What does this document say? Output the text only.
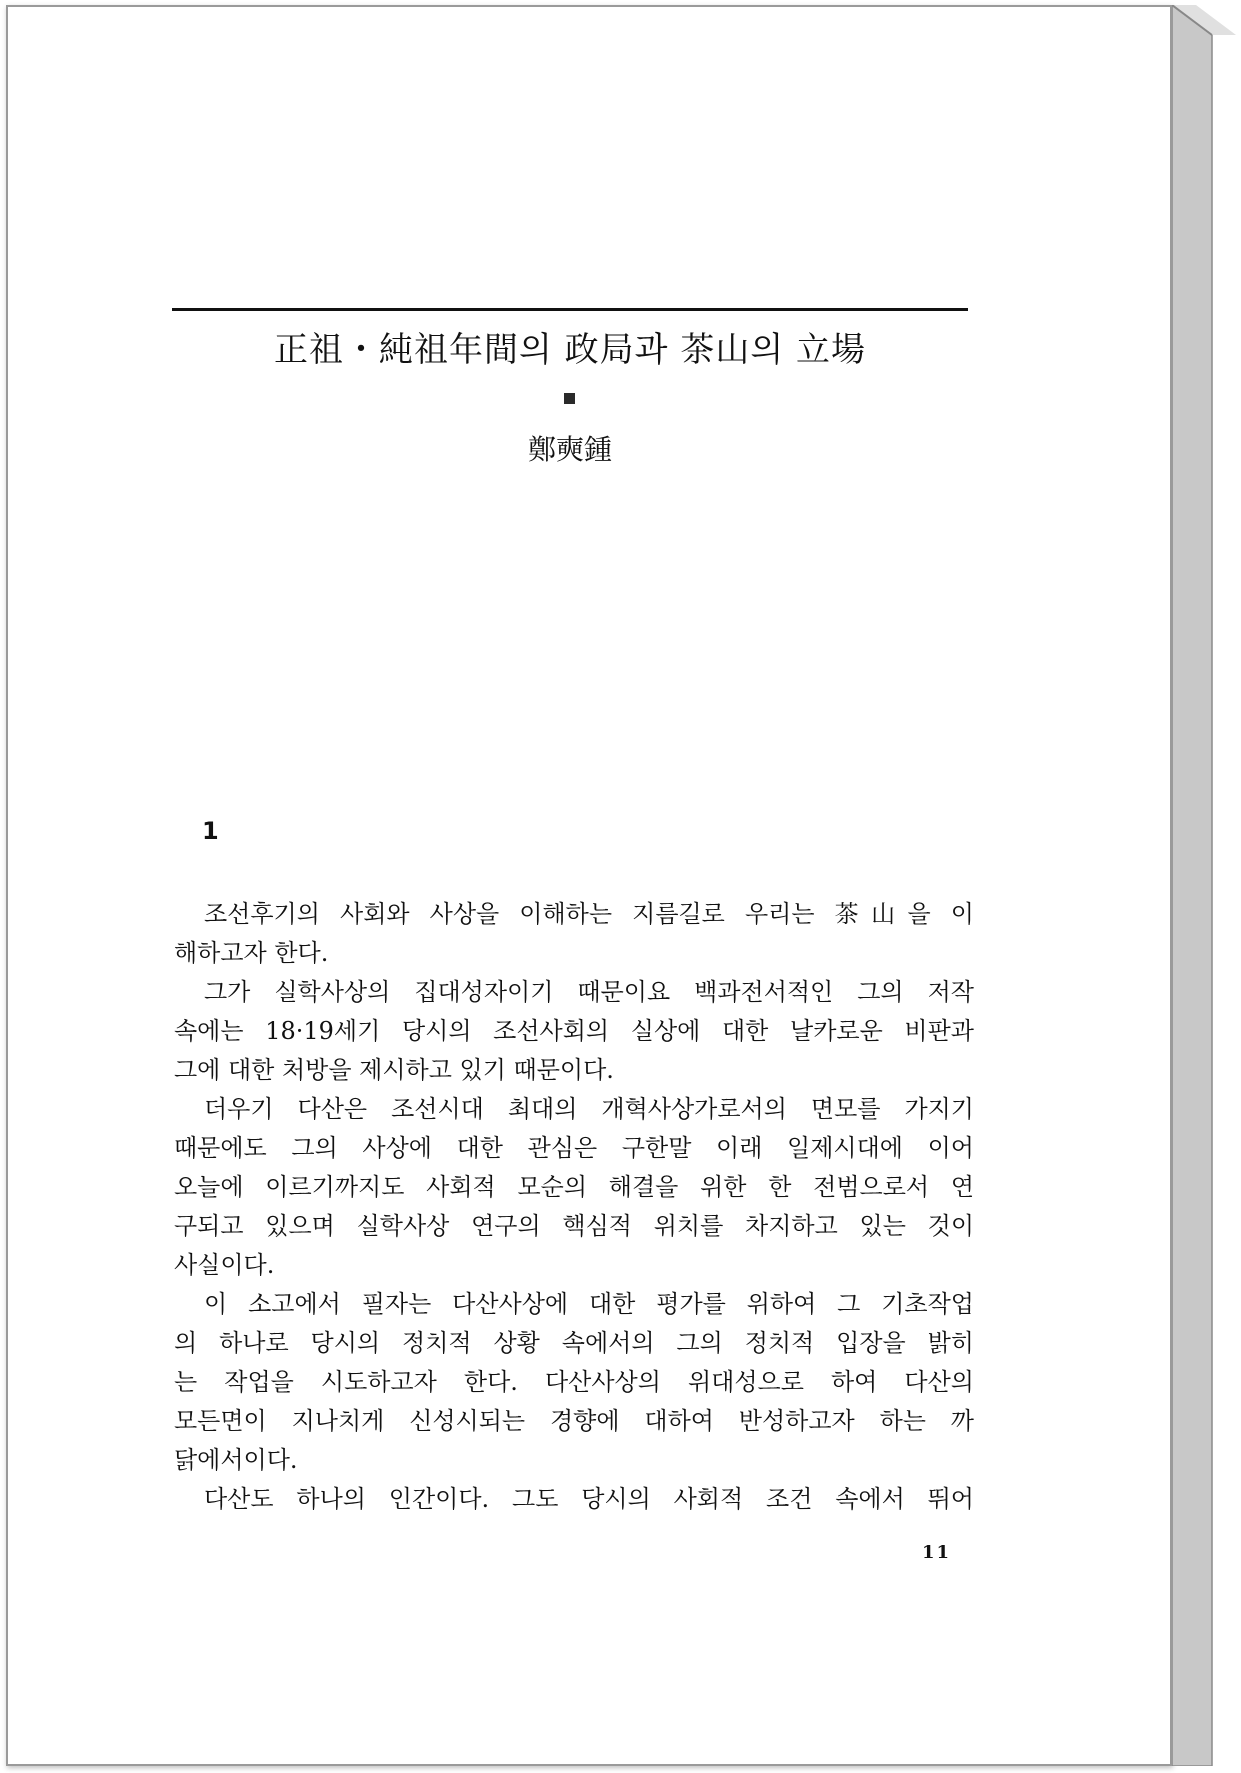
正祖・純祖年間의 政局과 茶山의 立場
鄭奭鍾
1
조선후기의 사회와 사상을 이해하는 지름길로 우리는 茶山을 이
해하고자 한다.
그가 실학사상의 집대성자이기 때문이요 백과전서적인 그의 저작
속에는 18·19세기 당시의 조선사회의 실상에 대한 날카로운 비판과
그에 대한 처방을 제시하고 있기 때문이다.
더우기 다산은 조선시대 최대의 개혁사상가로서의 면모를 가지기
때문에도 그의 사상에 대한 관심은 구한말 이래 일제시대에 이어
오늘에 이르기까지도 사회적 모순의 해결을 위한 한 전범으로서 연
구되고 있으며 실학사상 연구의 핵심적 위치를 차지하고 있는 것이
사실이다.
이 소고에서 필자는 다산사상에 대한 평가를 위하여 그 기초작업
의 하나로 당시의 정치적 상황 속에서의 그의 정치적 입장을 밝히
는 작업을 시도하고자 한다. 다산사상의 위대성으로 하여 다산의
모든면이 지나치게 신성시되는 경향에 대하여 반성하고자 하는 까
닭에서이다.
다산도 하나의 인간이다. 그도 당시의 사회적 조건 속에서 뛰어
11
